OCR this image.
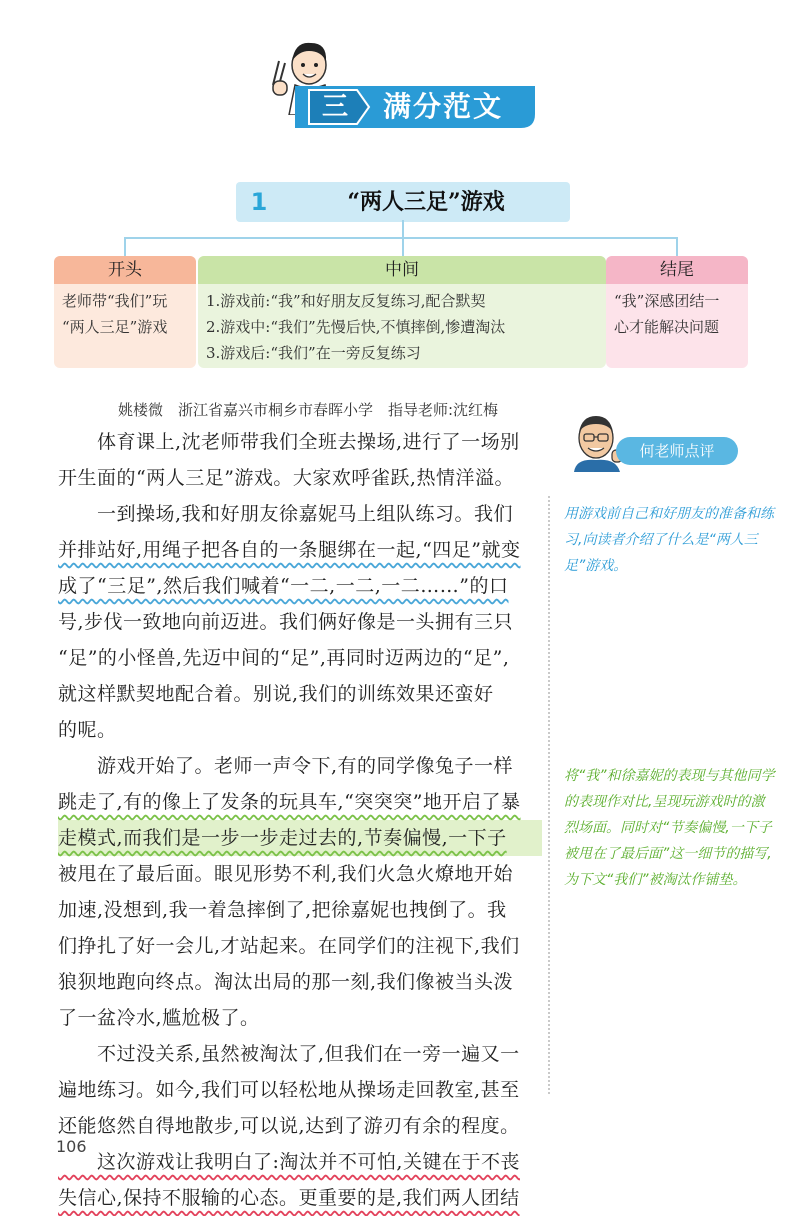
三 满分范文
1	“两人三足”游戏
开头
老师带“我们”玩
“两人三足”游戏
中间
1.游戏前:“我”和好朋友反复练习,配合默契
2.游戏中:“我们”先慢后快,不慎摔倒,惨遭淘汰
3.游戏后:“我们”在一旁反复练习
结尾
“我”深感团结一
心才能解决问题
姚楼微　浙江省嘉兴市桐乡市春晖小学　指导老师:沈红梅
　　体育课上,沈老师带我们全班去操场,进行了一场别
开生面的“两人三足”游戏。大家欢呼雀跃,热情洋溢。
　　一到操场,我和好朋友徐嘉妮马上组队练习。我们
并排站好,用绳子把各自的一条腿绑在一起,“四足”就变
成了“三足”,然后我们喊着“一二,一二,一二……”的口
号,步伐一致地向前迈进。我们俩好像是一头拥有三只
“足”的小怪兽,先迈中间的“足”,再同时迈两边的“足”,
就这样默契地配合着。别说,我们的训练效果还蛮好
的呢。
　　游戏开始了。老师一声令下,有的同学像兔子一样
跳走了,有的像上了发条的玩具车,“突突突”地开启了暴
走模式,而我们是一步一步走过去的,节奏偏慢,一下子
被甩在了最后面。眼见形势不利,我们火急火燎地开始
加速,没想到,我一着急摔倒了,把徐嘉妮也拽倒了。我
们挣扎了好一会儿,才站起来。在同学们的注视下,我们
狼狈地跑向终点。淘汰出局的那一刻,我们像被当头泼
了一盆冷水,尴尬极了。
　　不过没关系,虽然被淘汰了,但我们在一旁一遍又一
遍地练习。如今,我们可以轻松地从操场走回教室,甚至
还能悠然自得地散步,可以说,达到了游刃有余的程度。
　　这次游戏让我明白了:淘汰并不可怕,关键在于不丧
失信心,保持不服输的心态。更重要的是,我们两人团结
何老师点评
用游戏前自己和好朋友的准备和练习,向读者介绍了什么是“两人三足”游戏。
将“我”和徐嘉妮的表现与其他同学的表现作对比,呈现玩游戏时的激烈场面。同时对“节奏偏慢,一下子被甩在了最后面”这一细节的描写,为下文“我们”被淘汰作铺垫。
106
